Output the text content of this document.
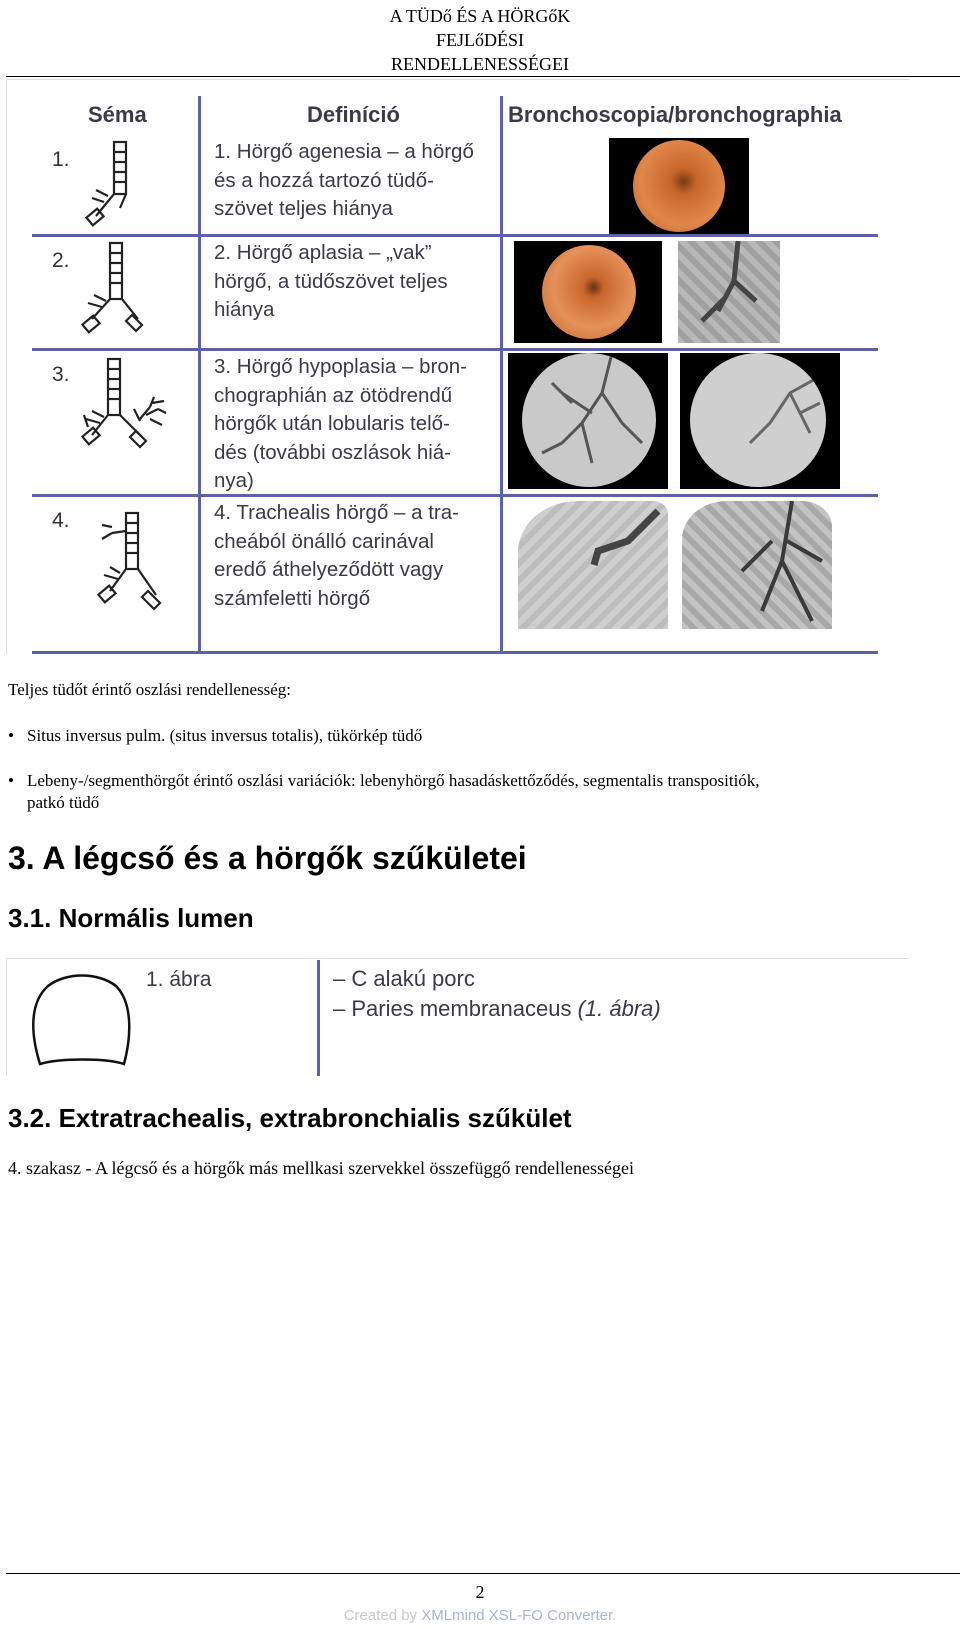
A TÜDő ÉS A HÖRGőK
FEJLőDÉSI
RENDELLENESSÉGEI
Séma	Definíció	Bronchoscopia/bronchographia
1.	1. Hörgő agenesia – a hörgő
és a hozzá tartozó tüdő-
szövet teljes hiánya
2.	2. Hörgő aplasia – „vak”
hörgő, a tüdőszövet teljes
hiánya
3.	3. Hörgő hypoplasia – bron-
chographián az ötödrendű
hörgők után lobularis telő-
dés (további oszlások hiá-
nya)
4.	4. Trachealis hörgő – a tra-
cheából önálló carinával
eredő áthelyeződött vagy
számfeletti hörgő
Teljes tüdőt érintő oszlási rendellenesség:
• Situs inversus pulm. (situs inversus totalis), tükörkép tüdő
• Lebeny-/segmenthörgőt érintő oszlási variációk: lebenyhörgő hasadáskettőződés, segmentalis transpositiók,
patkó tüdő
3. A légcső és a hörgők szűkületei
3.1. Normális lumen
1. ábra	– C alakú porc
– Paries membranaceus (1. ábra)
3.2. Extratrachealis, extrabronchialis szűkület
4. szakasz - A légcső és a hörgők más mellkasi szervekkel összefüggő rendellenességei
2
Created by XMLmind XSL-FO Converter.
